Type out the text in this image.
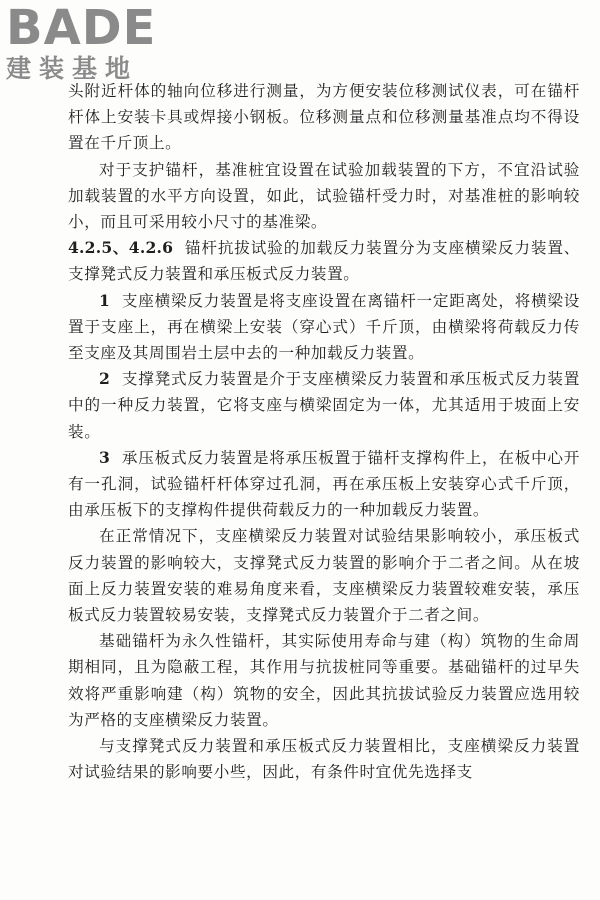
BADE
建装基地

头附近杆体的轴向位移进行测量，为方便安装位移测试仪表，可在锚杆杆体上安装卡具或焊接小钢板。位移测量点和位移测量基准点均不得设置在千斤顶上。

对于支护锚杆，基准桩宜设置在试验加载装置的下方，不宜沿试验加载装置的水平方向设置，如此，试验锚杆受力时，对基准桩的影响较小，而且可采用较小尺寸的基准梁。

4.2.5、4.2.6 锚杆抗拔试验的加载反力装置分为支座横梁反力装置、支撑凳式反力装置和承压板式反力装置。

1 支座横梁反力装置是将支座设置在离锚杆一定距离处，将横梁设置于支座上，再在横梁上安装（穿心式）千斤顶，由横梁将荷载反力传至支座及其周围岩土层中去的一种加载反力装置。

2 支撑凳式反力装置是介于支座横梁反力装置和承压板式反力装置中的一种反力装置，它将支座与横梁固定为一体，尤其适用于坡面上安装。

3 承压板式反力装置是将承压板置于锚杆支撑构件上，在板中心开有一孔洞，试验锚杆杆体穿过孔洞，再在承压板上安装穿心式千斤顶，由承压板下的支撑构件提供荷载反力的一种加载反力装置。

在正常情况下，支座横梁反力装置对试验结果影响较小，承压板式反力装置的影响较大，支撑凳式反力装置的影响介于二者之间。从在坡面上反力装置安装的难易角度来看，支座横梁反力装置较难安装，承压板式反力装置较易安装，支撑凳式反力装置介于二者之间。

基础锚杆为永久性锚杆，其实际使用寿命与建（构）筑物的生命周期相同，且为隐蔽工程，其作用与抗拔桩同等重要。基础锚杆的过早失效将严重影响建（构）筑物的安全，因此其抗拔试验反力装置应选用较为严格的支座横梁反力装置。

与支撑凳式反力装置和承压板式反力装置相比，支座横梁反力装置对试验结果的影响要小些，因此，有条件时宜优先选择支
